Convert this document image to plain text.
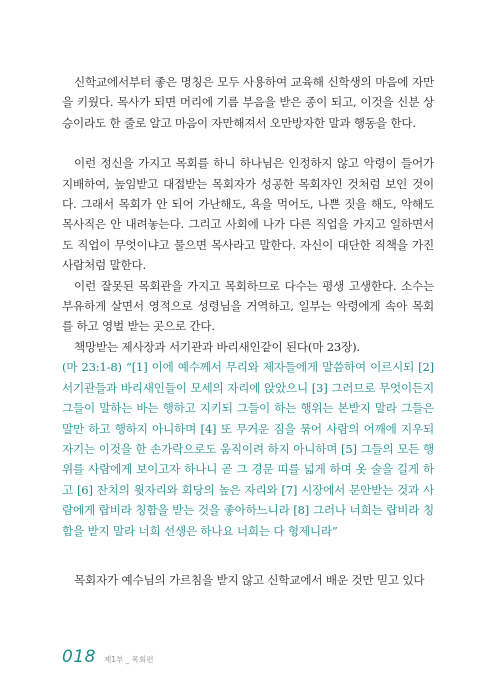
신학교에서부터 좋은 명칭은 모두 사용하여 교육해 신학생의 마음에 자만을 키웠다. 목사가 되면 머리에 기름 부음을 받은 종이 되고, 이것을 신분 상승이라도 한 줄로 알고 마음이 자만해져서 오만방자한 말과 행동을 한다.

이런 정신을 가지고 목회를 하니 하나님은 인정하지 않고 악령이 들어가 지배하여, 높임받고 대접받는 목회자가 성공한 목회자인 것처럼 보인 것이다. 그래서 목회가 안 되어 가난해도, 욕을 먹어도, 나쁜 짓을 해도, 악해도 목사직은 안 내려놓는다. 그리고 사회에 나가 다른 직업을 가지고 일하면서도 직업이 무엇이냐고 물으면 목사라고 말한다. 자신이 대단한 직책을 가진 사람처럼 말한다.

이런 잘못된 목회관을 가지고 목회하므로 다수는 평생 고생한다. 소수는 부유하게 살면서 영적으로 성령님을 거역하고, 일부는 악령에게 속아 목회를 하고 영벌 받는 곳으로 간다.

책망받는 제사장과 서기관과 바리새인같이 된다(마 23장).

(마 23:1-8) “[1] 이에 예수께서 무리와 제자들에게 말씀하여 이르시되 [2] 서기관들과 바리새인들이 모세의 자리에 앉았으니 [3] 그러므로 무엇이든지 그들이 말하는 바는 행하고 지키되 그들이 하는 행위는 본받지 말라 그들은 말만 하고 행하지 아니하며 [4] 또 무거운 짐을 묶어 사람의 어깨에 지우되 자기는 이것을 한 손가락으로도 움직이려 하지 아니하며 [5] 그들의 모든 행위를 사람에게 보이고자 하나니 곧 그 경문 띠를 넓게 하며 옷 술을 길게 하고 [6] 잔치의 윗자리와 회당의 높은 자리와 [7] 시장에서 문안받는 것과 사람에게 랍비라 칭함을 받는 것을 좋아하느니라 [8] 그러나 너희는 랍비라 칭함을 받지 말라 너희 선생은 하나요 너희는 다 형제니라”

목회자가 예수님의 가르침을 받지 않고 신학교에서 배운 것만 믿고 있다

018 제1부 _ 목회편
